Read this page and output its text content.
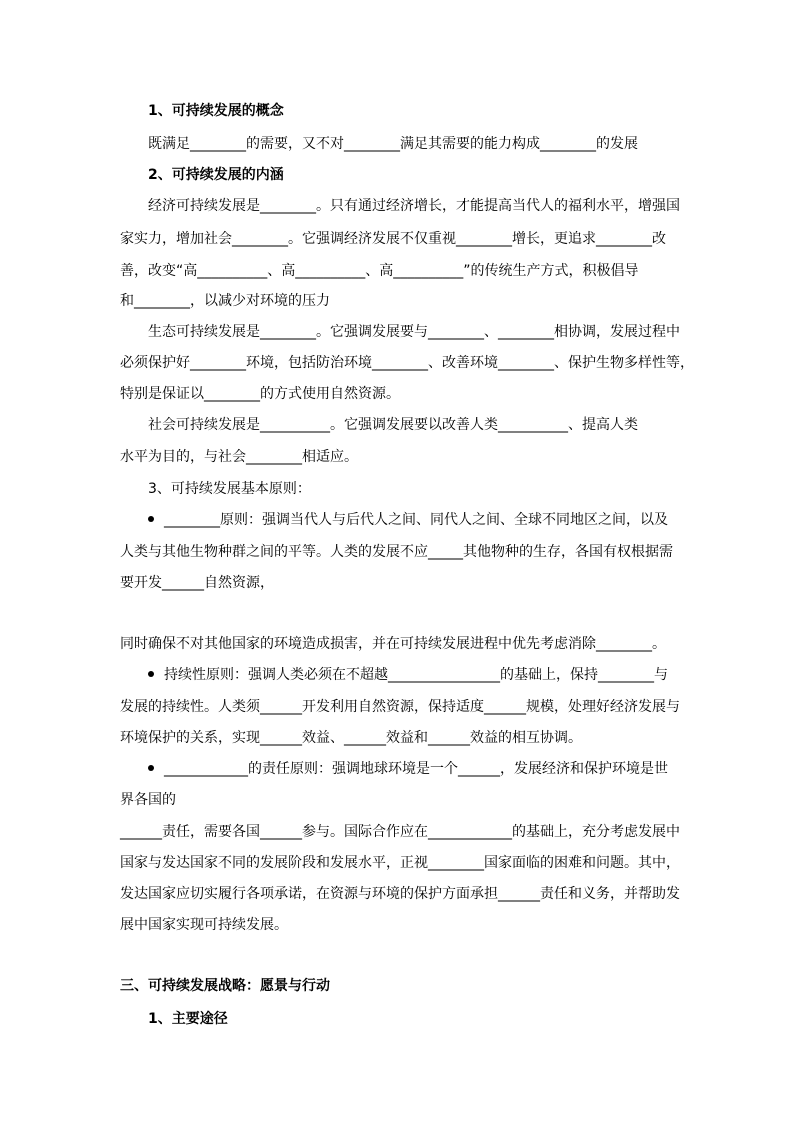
1、可持续发展的概念
既满足________的需要，又不对________满足其需要的能力构成________的发展
2、可持续发展的内涵
经济可持续发展是________。只有通过经济增长，才能提高当代人的福利水平，增强国
家实力，增加社会________。它强调经济发展不仅重视________增长，更追求________改
善，改变“高__________、高__________、高__________”的传统生产方式，积极倡导
和________，以减少对环境的压力
生态可持续发展是________。它强调发展要与________、________相协调，发展过程中
必须保护好________环境，包括防治环境________、改善环境________、保护生物多样性等，
特别是保证以________的方式使用自然资源。
社会可持续发展是__________。它强调发展要以改善人类__________、提高人类
水平为目的，与社会________相适应。
3、可持续发展基本原则：
________原则：强调当代人与后代人之间、同代人之间、全球不同地区之间，以及
人类与其他生物种群之间的平等。人类的发展不应_____其他物种的生存，各国有权根据需
要开发______自然资源，
同时确保不对其他国家的环境造成损害，并在可持续发展进程中优先考虑消除________。
持续性原则：强调人类必须在不超越________________的基础上，保持________与
发展的持续性。人类须______开发利用自然资源，保持适度______规模，处理好经济发展与
环境保护的关系，实现______效益、______效益和______效益的相互协调。
____________的责任原则：强调地球环境是一个______，发展经济和保护环境是世
界各国的
______责任，需要各国______参与。国际合作应在____________的基础上，充分考虑发展中
国家与发达国家不同的发展阶段和发展水平，正视________国家面临的困难和问题。其中，
发达国家应切实履行各项承诺，在资源与环境的保护方面承担______责任和义务，并帮助发
展中国家实现可持续发展。
三、可持续发展战略：愿景与行动
1、主要途径
